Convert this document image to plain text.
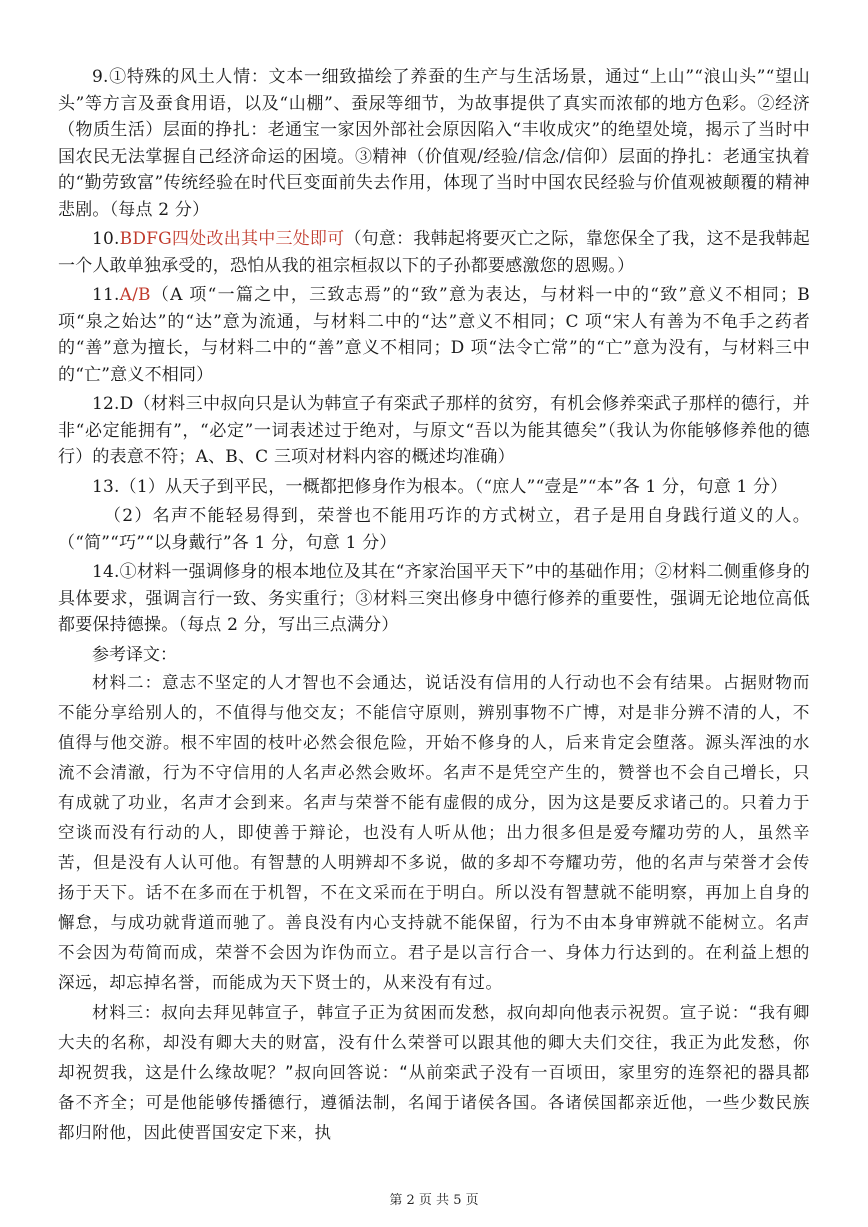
9.①特殊的风土人情：文本一细致描绘了养蚕的生产与生活场景，通过“上山”“浪山头”“望山头”等方言及蚕食用语，以及“山棚”、蚕尿等细节，为故事提供了真实而浓郁的地方色彩。②经济（物质生活）层面的挣扎：老通宝一家因外部社会原因陷入“丰收成灾”的绝望处境，揭示了当时中国农民无法掌握自己经济命运的困境。③精神（价值观/经验/信念/信仰）层面的挣扎：老通宝执着的“勤劳致富”传统经验在时代巨变面前失去作用，体现了当时中国农民经验与价值观被颠覆的精神悲剧。（每点 2 分）

10.BDFG四处改出其中三处即可（句意：我韩起将要灭亡之际，靠您保全了我，这不是我韩起一个人敢单独承受的，恐怕从我的祖宗桓叔以下的子孙都要感激您的恩赐。）

11.A/B（A 项“一篇之中，三致志焉”的“致”意为表达，与材料一中的“致”意义不相同；B 项“泉之始达”的“达”意为流通，与材料二中的“达”意义不相同；C 项“宋人有善为不龟手之药者的“善”意为擅长，与材料二中的“善”意义不相同；D 项“法令亡常”的“亡”意为没有，与材料三中的“亡”意义不相同）

12.D（材料三中叔向只是认为韩宣子有栾武子那样的贫穷，有机会修养栾武子那样的德行，并非“必定能拥有”，“必定”一词表述过于绝对，与原文“吾以为能其德矣”（我认为你能够修养他的德行）的表意不符；A、B、C 三项对材料内容的概述均准确）

13.（1）从天子到平民，一概都把修身作为根本。（“庶人”“壹是”“本”各 1 分，句意 1 分）

（2）名声不能轻易得到，荣誉也不能用巧诈的方式树立，君子是用自身践行道义的人。（“简”“巧”“以身戴行”各 1 分，句意 1 分）

14.①材料一强调修身的根本地位及其在“齐家治国平天下”中的基础作用；②材料二侧重修身的具体要求，强调言行一致、务实重行；③材料三突出修身中德行修养的重要性，强调无论地位高低都要保持德操。（每点 2 分，写出三点满分）

参考译文：

材料二：意志不坚定的人才智也不会通达，说话没有信用的人行动也不会有结果。占据财物而不能分享给别人的，不值得与他交友；不能信守原则，辨别事物不广博，对是非分辨不清的人，不值得与他交游。根不牢固的枝叶必然会很危险，开始不修身的人，后来肯定会堕落。源头浑浊的水流不会清澈，行为不守信用的人名声必然会败坏。名声不是凭空产生的，赞誉也不会自己增长，只有成就了功业，名声才会到来。名声与荣誉不能有虚假的成分，因为这是要反求诸己的。只着力于空谈而没有行动的人，即使善于辩论，也没有人听从他；出力很多但是爱夸耀功劳的人，虽然辛苦，但是没有人认可他。有智慧的人明辨却不多说，做的多却不夸耀功劳，他的名声与荣誉才会传扬于天下。话不在多而在于机智，不在文采而在于明白。所以没有智慧就不能明察，再加上自身的懈怠，与成功就背道而驰了。善良没有内心支持就不能保留，行为不由本身审辨就不能树立。名声不会因为苟简而成，荣誉不会因为诈伪而立。君子是以言行合一、身体力行达到的。在利益上想的深远，却忘掉名誉，而能成为天下贤士的，从来没有有过。

材料三：叔向去拜见韩宣子，韩宣子正为贫困而发愁，叔向却向他表示祝贺。宣子说：“我有卿大夫的名称，却没有卿大夫的财富，没有什么荣誉可以跟其他的卿大夫们交往，我正为此发愁，你却祝贺我，这是什么缘故呢？”叔向回答说：“从前栾武子没有一百顷田，家里穷的连祭祀的器具都备不齐全；可是他能够传播德行，遵循法制，名闻于诸侯各国。各诸侯国都亲近他，一些少数民族都归附他，因此使晋国安定下来，执

第 2 页 共 5 页
